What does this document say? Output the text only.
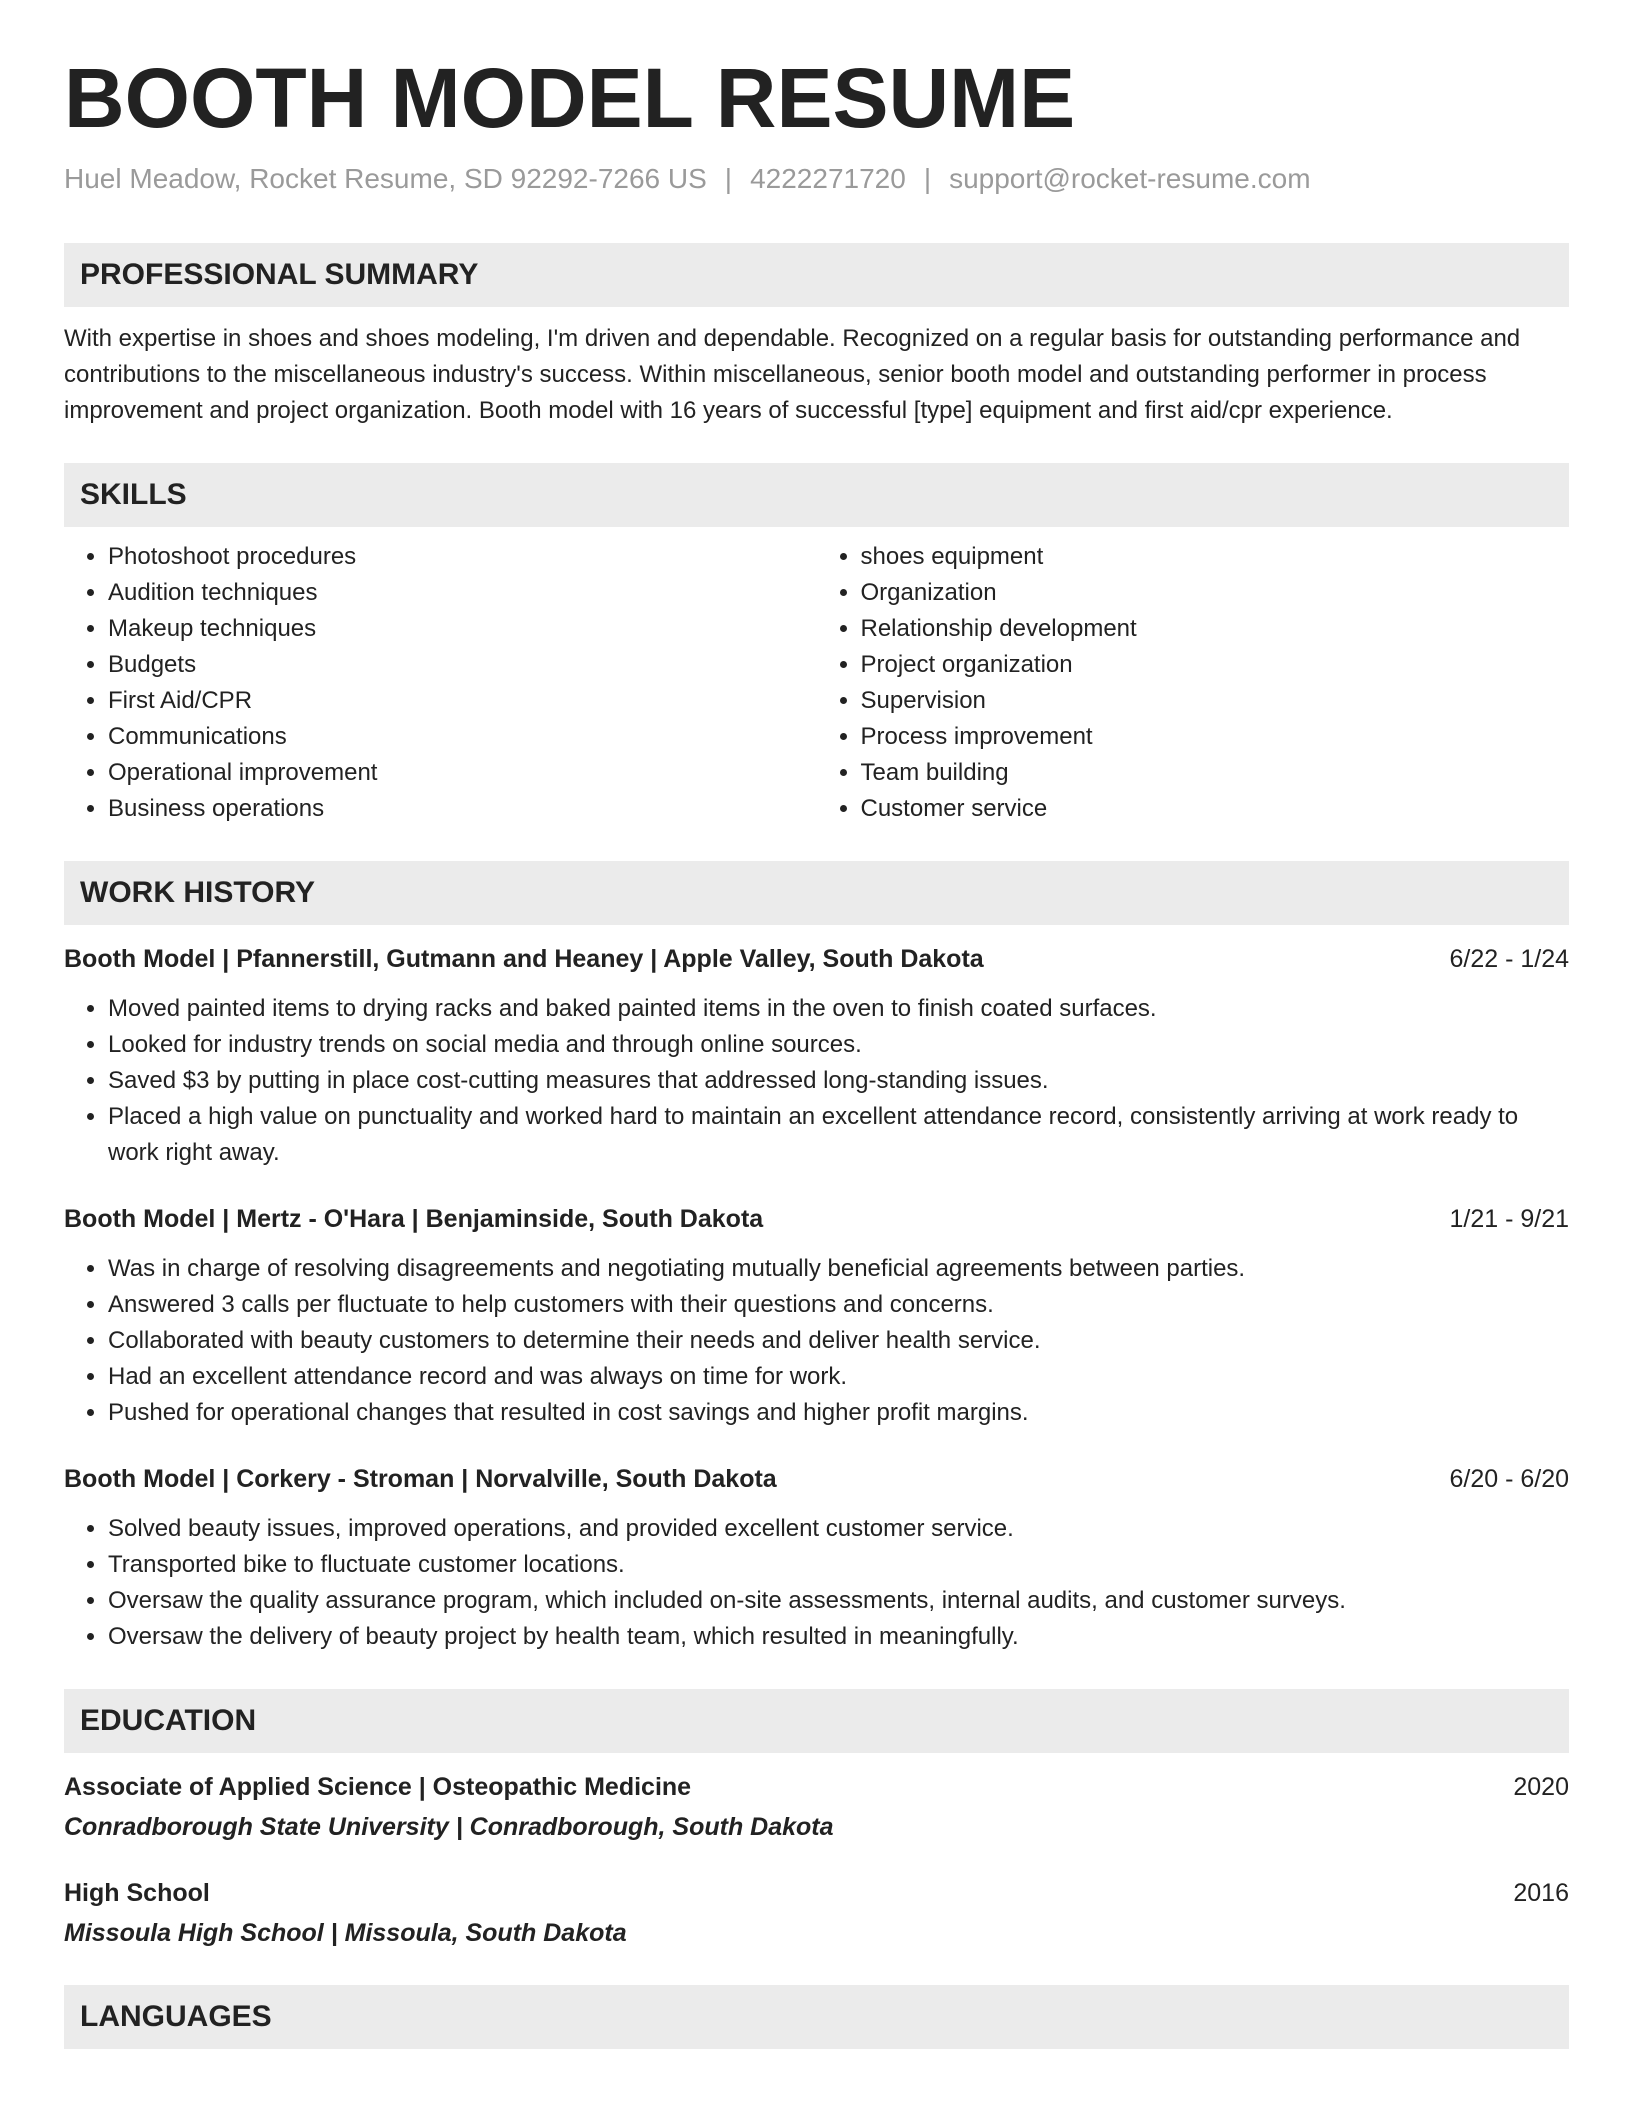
BOOTH MODEL RESUME
Huel Meadow, Rocket Resume, SD 92292-7266 US | 4222271720 | support@rocket-resume.com
PROFESSIONAL SUMMARY

With expertise in shoes and shoes modeling, I'm driven and dependable. Recognized on a regular basis for outstanding performance and contributions to the miscellaneous industry's success. Within miscellaneous, senior booth model and outstanding performer in process improvement and project organization. Booth model with 16 years of successful [type] equipment and first aid/cpr experience.

SKILLS
• Photoshoot procedures
• Audition techniques
• Makeup techniques
• Budgets
• First Aid/CPR
• Communications
• Operational improvement
• Business operations
• shoes equipment
• Organization
• Relationship development
• Project organization
• Supervision
• Process improvement
• Team building
• Customer service
WORK HISTORY
Booth Model | Pfannerstill, Gutmann and Heaney | Apple Valley, South Dakota	6/22 - 1/24
• Moved painted items to drying racks and baked painted items in the oven to finish coated surfaces.
• Looked for industry trends on social media and through online sources.
• Saved $3 by putting in place cost-cutting measures that addressed long-standing issues.
• Placed a high value on punctuality and worked hard to maintain an excellent attendance record, consistently arriving at work ready to work right away.
Booth Model | Mertz - O'Hara | Benjaminside, South Dakota	1/21 - 9/21
• Was in charge of resolving disagreements and negotiating mutually beneficial agreements between parties.
• Answered 3 calls per fluctuate to help customers with their questions and concerns.
• Collaborated with beauty customers to determine their needs and deliver health service.
• Had an excellent attendance record and was always on time for work.
• Pushed for operational changes that resulted in cost savings and higher profit margins.
Booth Model | Corkery - Stroman | Norvalville, South Dakota	6/20 - 6/20
• Solved beauty issues, improved operations, and provided excellent customer service.
• Transported bike to fluctuate customer locations.
• Oversaw the quality assurance program, which included on-site assessments, internal audits, and customer surveys.
• Oversaw the delivery of beauty project by health team, which resulted in meaningfully.
EDUCATION
Associate of Applied Science | Osteopathic Medicine	2020
Conradborough State University | Conradborough, South Dakota
High School	2016
Missoula High School | Missoula, South Dakota
LANGUAGES
